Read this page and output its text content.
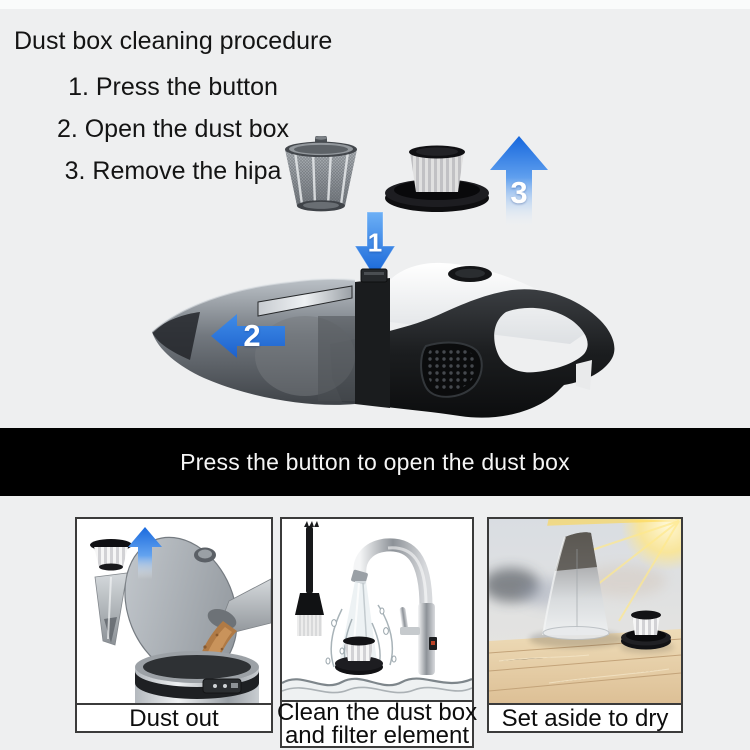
Dust box cleaning procedure
1. Press the button
2. Open the dust box
3. Remove the hipa
1
2
3
Press the button to open the dust box
Dust out Clean the dust box
and filter element
Set aside to dry
